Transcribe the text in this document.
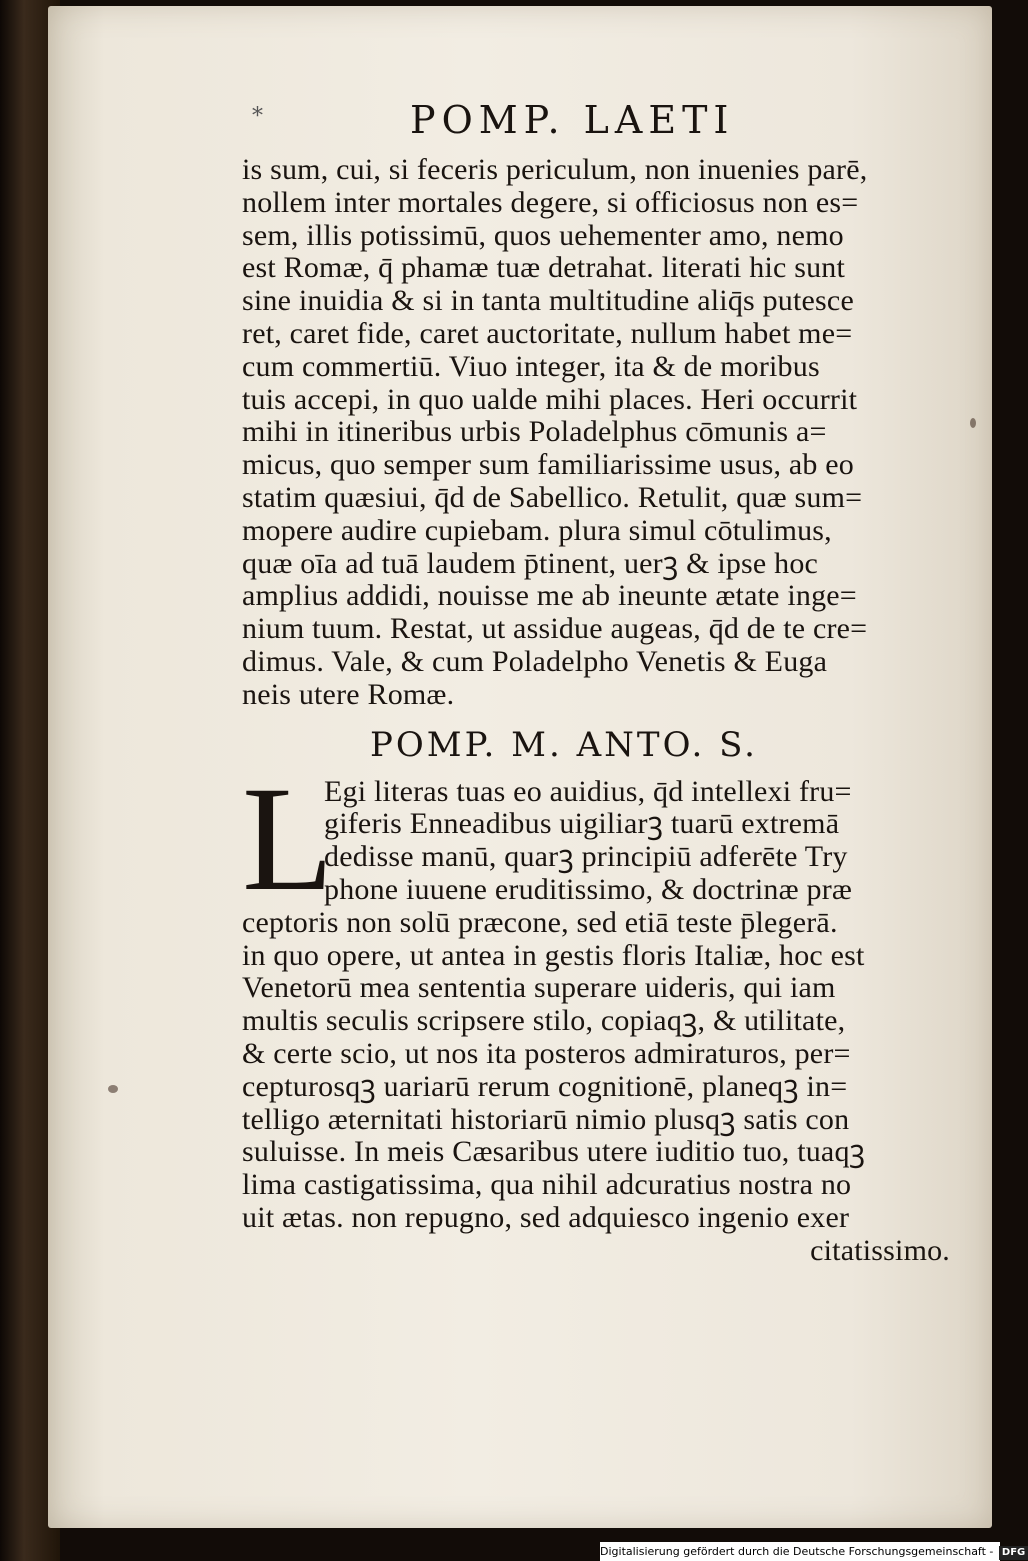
*	POMP. LAETI
is sum, cui, si feceris periculum, non inuenies parē,
nollem inter mortales degere, si officiosus non es=
sem, illis potissimū, quos uehementer amo, nemo
est Romæ, q̄ phamæ tuæ detrahat. literati hic sunt
sine inuidia & si in tanta multitudine aliq̄s putesce
ret, caret fide, caret auctoritate, nullum habet me=
cum commertiū. Viuo integer, ita & de moribus
tuis accepi, in quo ualde mihi places. Heri occurrit
mihi in itineribus urbis Poladelphus cōmunis a=
micus, quo semper sum familiarissime usus, ab eo
statim quæsiui, q̄d de Sabellico. Retulit, quæ sum=
mopere audire cupiebam. plura simul cōtulimus,
quæ oīa ad tuā laudem p̄tinent, uerꝫ & ipse hoc
amplius addidi, nouisse me ab ineunte ætate inge=
nium tuum. Restat, ut assidue augeas, q̄d de te cre=
dimus. Vale, & cum Poladelpho Venetis & Euga
neis utere Romæ.
POMP. M. ANTO. S.
L
Egi literas tuas eo auidius, q̄d intellexi fru=
giferis Enneadibus uigiliarꝫ tuarū extremā
dedisse manū, quarꝫ principiū adferēte Try
phone iuuene eruditissimo, & doctrinæ præ
ceptoris non solū præcone, sed etiā teste p̄legerā.
in quo opere, ut antea in gestis floris Italiæ, hoc est
Venetorū mea sententia superare uideris, qui iam
multis seculis scripsere stilo, copiaqꝫ, & utilitate,
& certe scio, ut nos ita posteros admiraturos, per=
cepturosqꝫ uariarū rerum cognitionē, planeqꝫ in=
telligo æternitati historiarū nimio plusqꝫ satis con
suluisse. In meis Cæsaribus utere iuditio tuo, tuaqꝫ
lima castigatissima, qua nihil adcuratius nostra no
uit ætas. non repugno, sed adquiesco ingenio exer
citatissimo.
Digitalisierung gefördert durch die Deutsche Forschungsgemeinschaft - DFG
